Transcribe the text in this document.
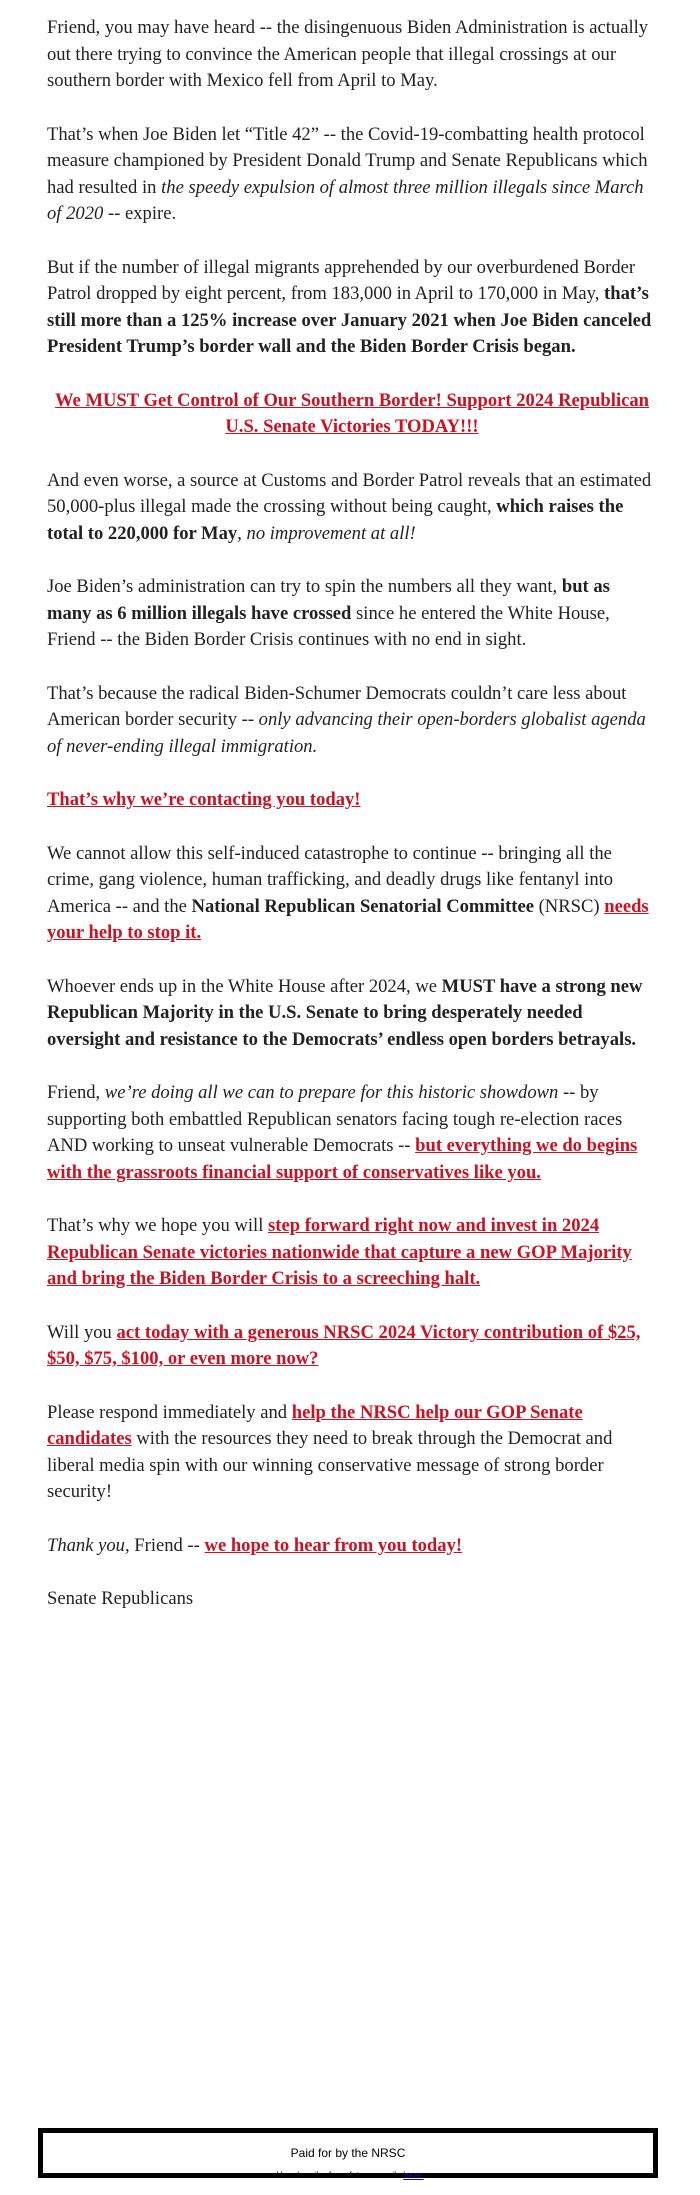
Friend, you may have heard -- the disingenuous Biden Administration is actually out there trying to convince the American people that illegal crossings at our southern border with Mexico fell from April to May.

That’s when Joe Biden let “Title 42” -- the Covid-19-combatting health protocol measure championed by President Donald Trump and Senate Republicans which had resulted in the speedy expulsion of almost three million illegals since March of 2020 -- expire.

But if the number of illegal migrants apprehended by our overburdened Border Patrol dropped by eight percent, from 183,000 in April to 170,000 in May, that’s still more than a 125% increase over January 2021 when Joe Biden canceled President Trump’s border wall and the Biden Border Crisis began.

We MUST Get Control of Our Southern Border! Support 2024 Republican U.S. Senate Victories TODAY!!!

And even worse, a source at Customs and Border Patrol reveals that an estimated 50,000-plus illegal made the crossing without being caught, which raises the total to 220,000 for May, no improvement at all!

Joe Biden’s administration can try to spin the numbers all they want, but as many as 6 million illegals have crossed since he entered the White House, Friend -- the Biden Border Crisis continues with no end in sight.

That’s because the radical Biden-Schumer Democrats couldn’t care less about American border security -- only advancing their open-borders globalist agenda of never-ending illegal immigration.

That’s why we’re contacting you today!

We cannot allow this self-induced catastrophe to continue -- bringing all the crime, gang violence, human trafficking, and deadly drugs like fentanyl into America -- and the National Republican Senatorial Committee (NRSC) needs your help to stop it.

Whoever ends up in the White House after 2024, we MUST have a strong new Republican Majority in the U.S. Senate to bring desperately needed oversight and resistance to the Democrats’ endless open borders betrayals.

Friend, we’re doing all we can to prepare for this historic showdown -- by supporting both embattled Republican senators facing tough re-election races AND working to unseat vulnerable Democrats -- but everything we do begins with the grassroots financial support of conservatives like you.

That’s why we hope you will step forward right now and invest in 2024 Republican Senate victories nationwide that capture a new GOP Majority and bring the Biden Border Crisis to a screeching halt.

Will you act today with a generous NRSC 2024 Victory contribution of $25, $50, $75, $100, or even more now?

Please respond immediately and help the NRSC help our GOP Senate candidates with the resources they need to break through the Democrat and liberal media spin with our winning conservative message of strong border security!

Thank you, Friend -- we hope to hear from you today!

Senate Republicans

Paid for by the NRSC
Unsubscribe from future emails here.
